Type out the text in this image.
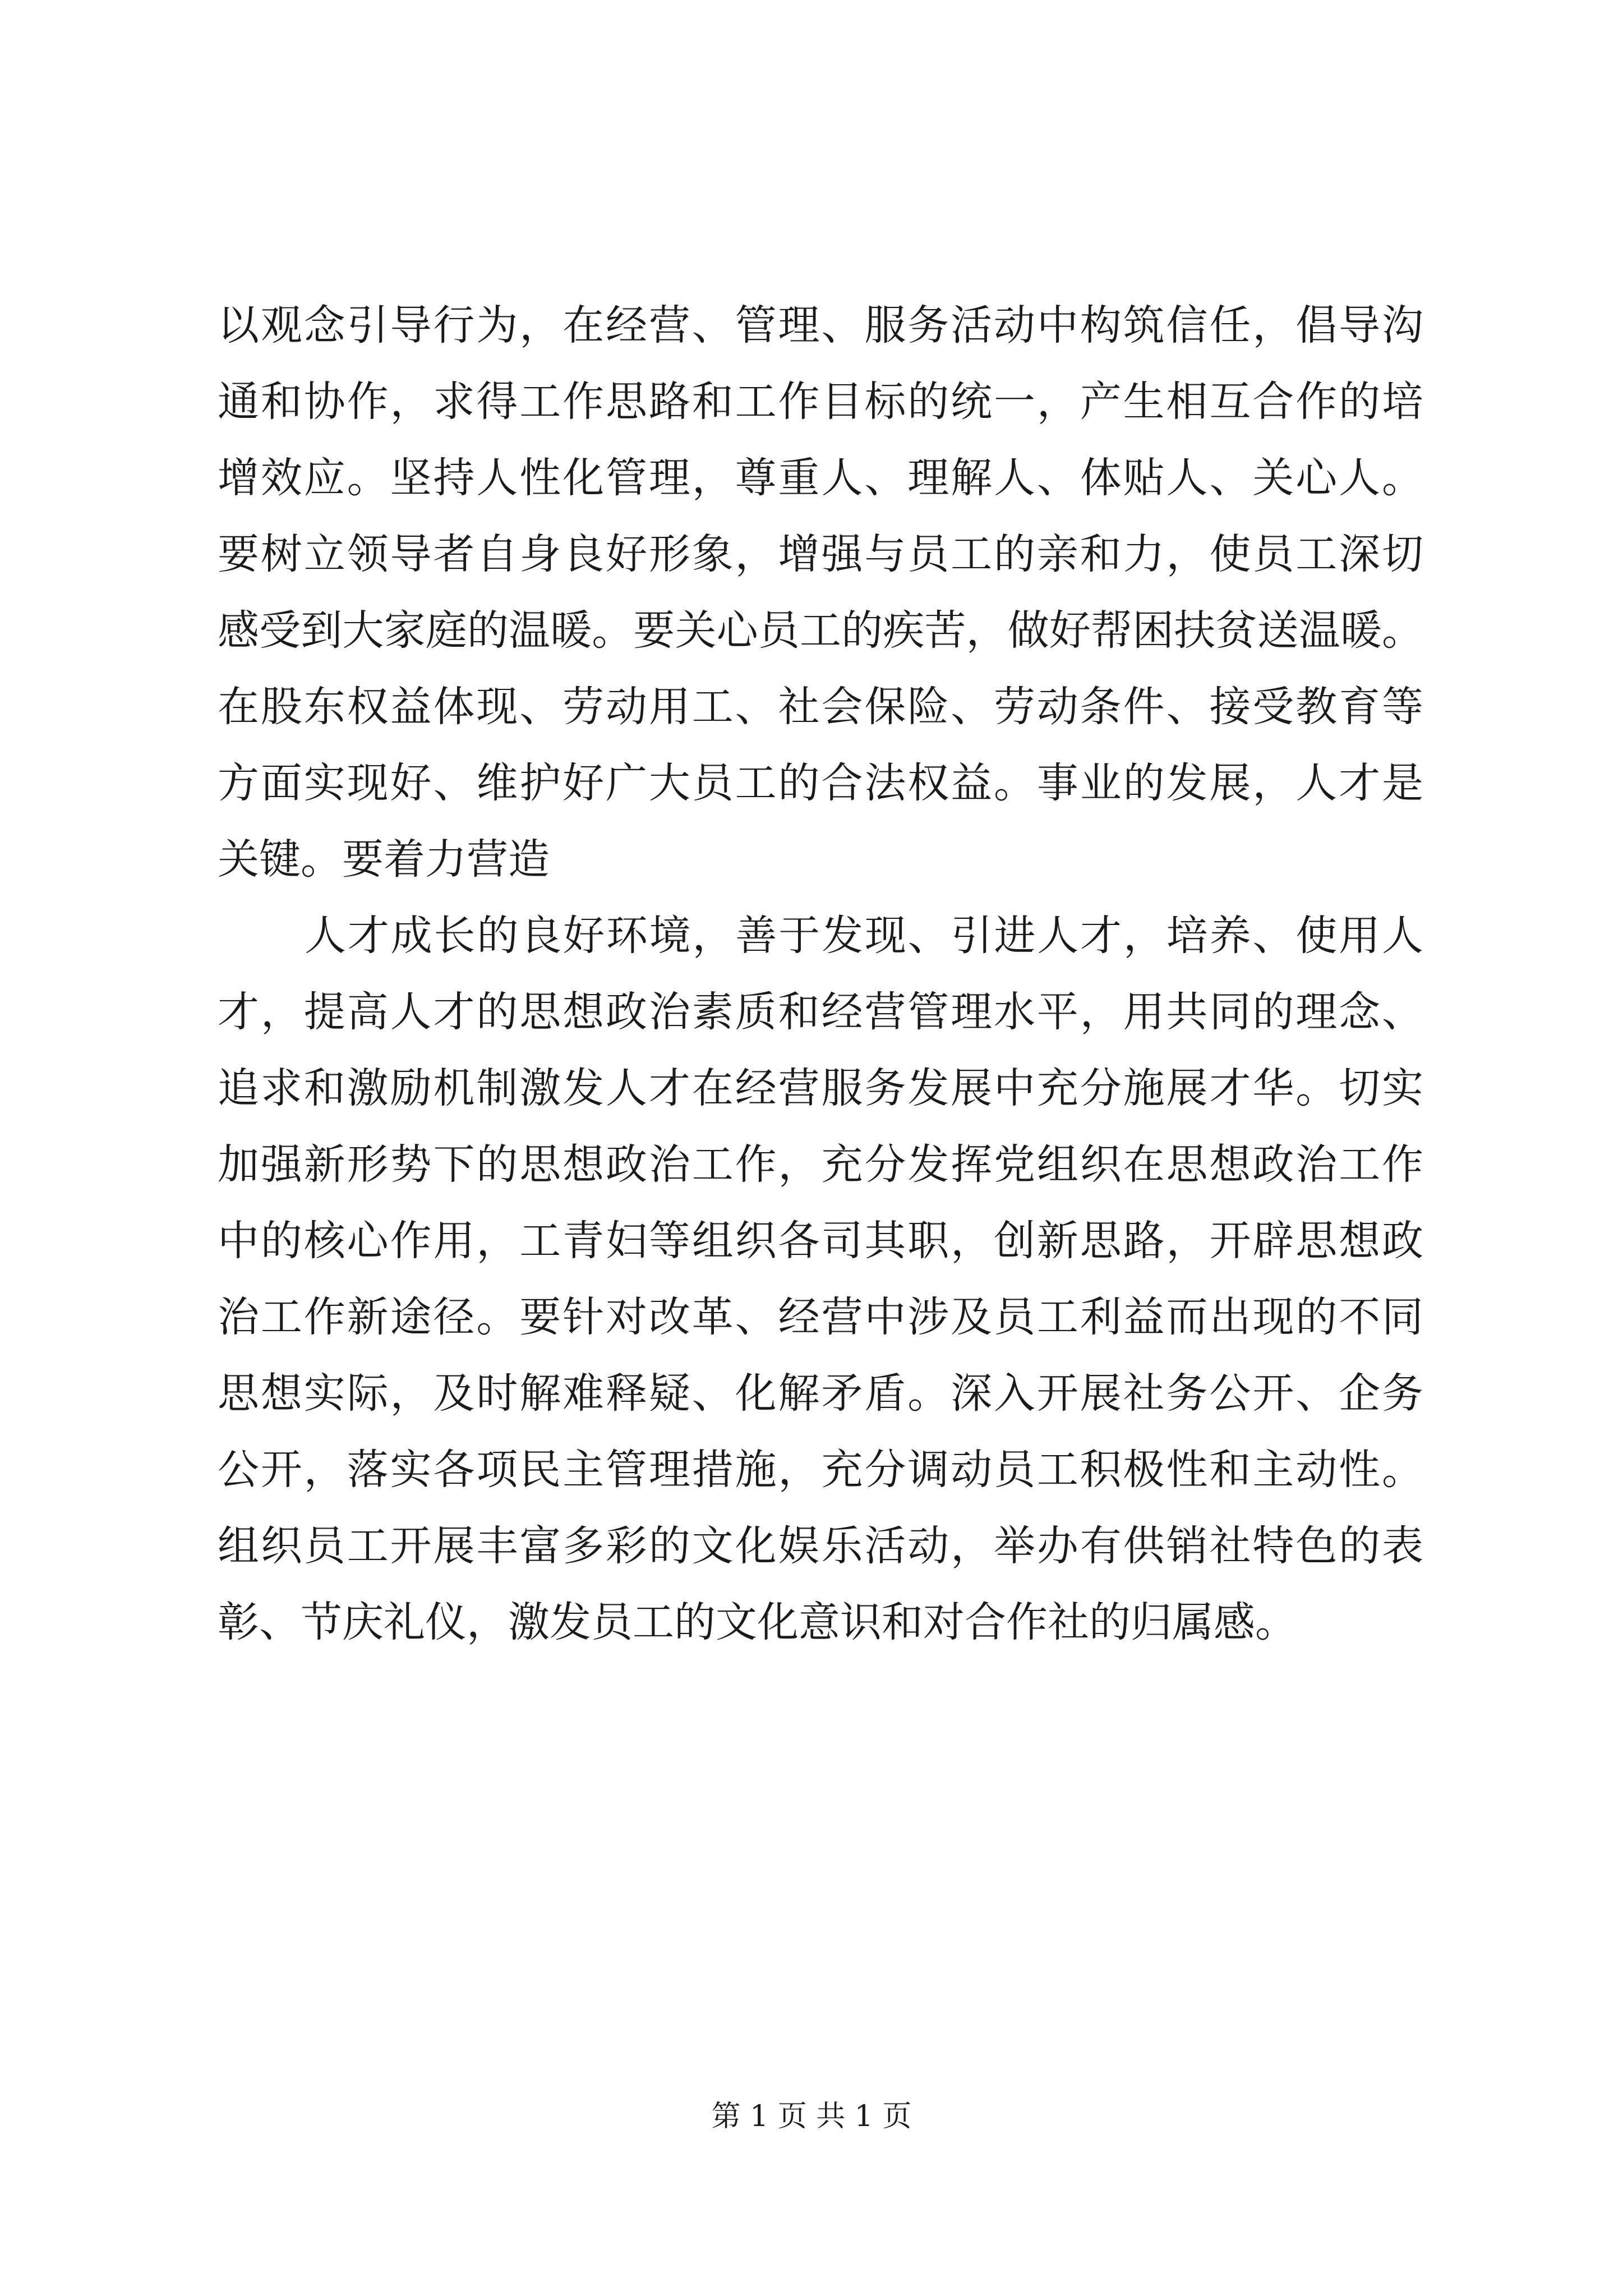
以观念引导行为，在经营、管理、服务活动中构筑信任，倡导沟
通和协作，求得工作思路和工作目标的统一，产生相互合作的培
增效应。坚持人性化管理，尊重人、理解人、体贴人、关心人。
要树立领导者自身良好形象，增强与员工的亲和力，使员工深切
感受到大家庭的温暖。要关心员工的疾苦，做好帮困扶贫送温暖。
在股东权益体现、劳动用工、社会保险、劳动条件、接受教育等
方面实现好、维护好广大员工的合法权益。事业的发展，人才是
关键。要着力营造
人才成长的良好环境，善于发现、引进人才，培养、使用人
才，提高人才的思想政治素质和经营管理水平，用共同的理念、
追求和激励机制激发人才在经营服务发展中充分施展才华。切实
加强新形势下的思想政治工作，充分发挥党组织在思想政治工作
中的核心作用，工青妇等组织各司其职，创新思路，开辟思想政
治工作新途径。要针对改革、经营中涉及员工利益而出现的不同
思想实际，及时解难释疑、化解矛盾。深入开展社务公开、企务
公开，落实各项民主管理措施，充分调动员工积极性和主动性。
组织员工开展丰富多彩的文化娱乐活动，举办有供销社特色的表
彰、节庆礼仪，激发员工的文化意识和对合作社的归属感。
第 1 页 共 1 页
